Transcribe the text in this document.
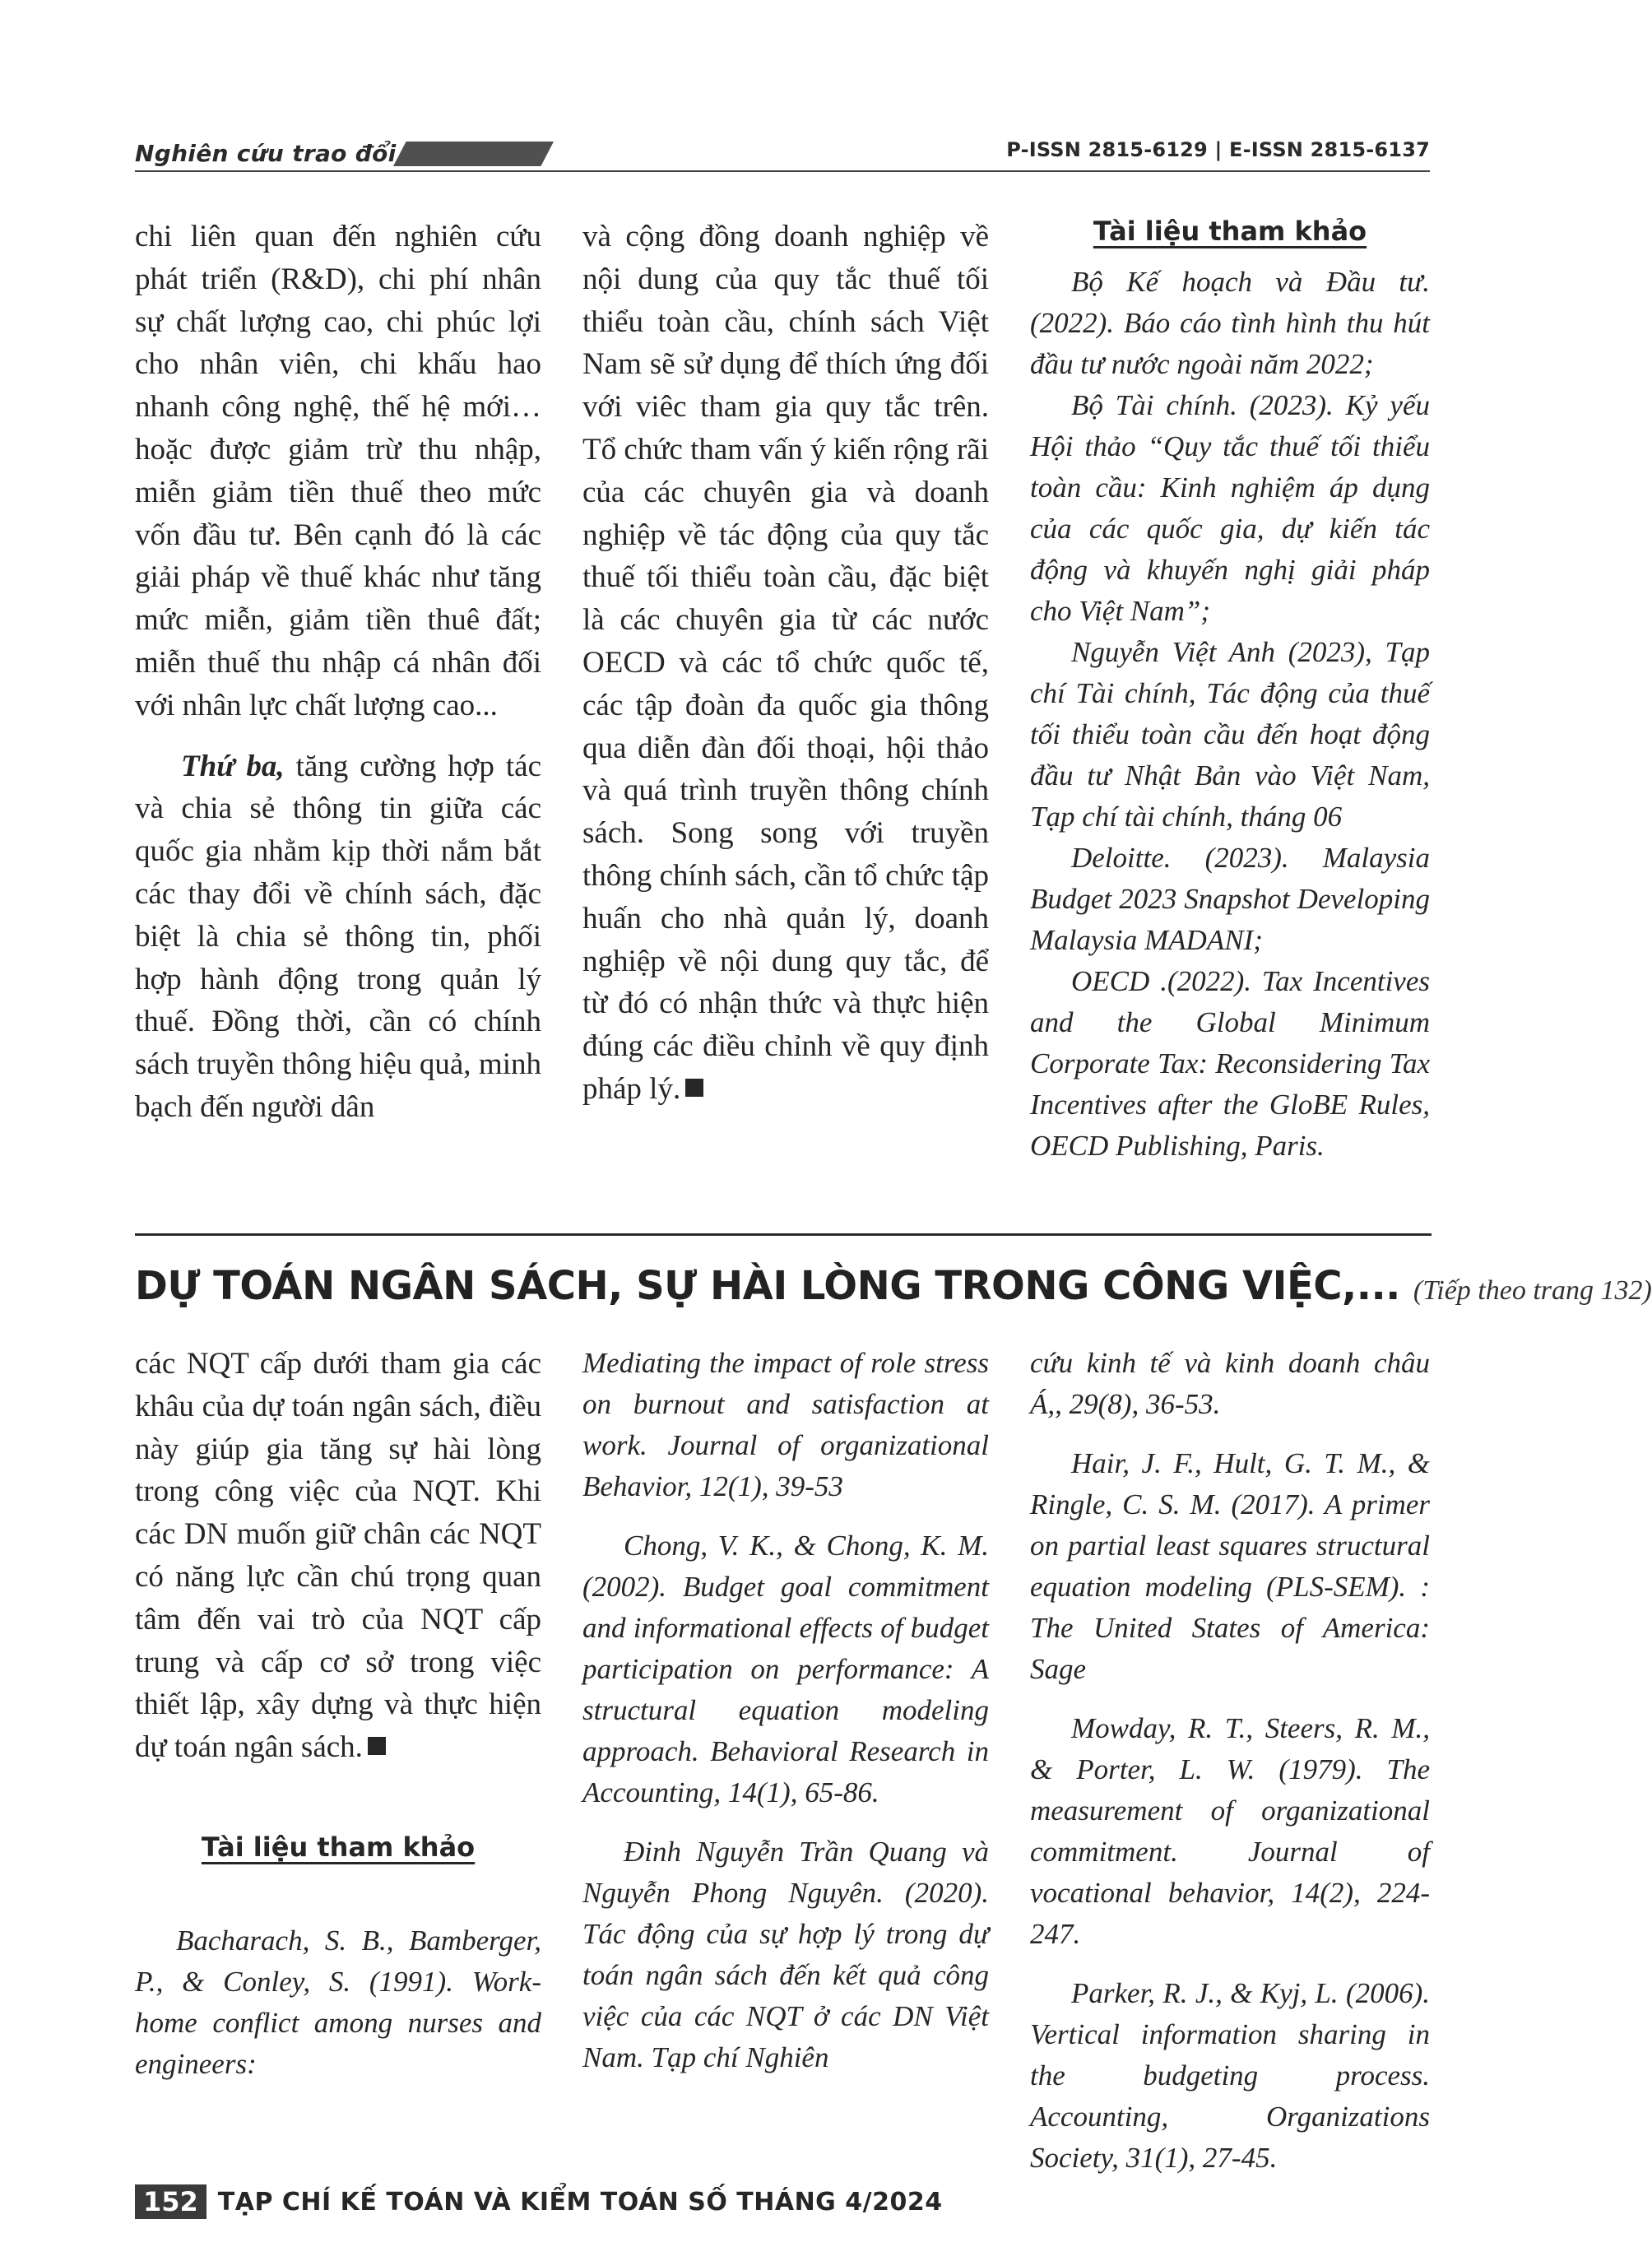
Nghiên cứu trao đổi	P-ISSN 2815-6129 | E-ISSN 2815-6137

chi liên quan đến nghiên cứu phát triển (R&D), chi phí nhân sự chất lượng cao, chi phúc lợi cho nhân viên, chi khấu hao nhanh công nghệ, thế hệ mới… hoặc được giảm trừ thu nhập, miễn giảm tiền thuế theo mức vốn đầu tư. Bên cạnh đó là các giải pháp về thuế khác như tăng mức miễn, giảm tiền thuê đất; miễn thuế thu nhập cá nhân đối với nhân lực chất lượng cao...

Thứ ba, tăng cường hợp tác và chia sẻ thông tin giữa các quốc gia nhằm kịp thời nắm bắt các thay đổi về chính sách, đặc biệt là chia sẻ thông tin, phối hợp hành động trong quản lý thuế. Đồng thời, cần có chính sách truyền thông hiệu quả, minh bạch đến người dân

và cộng đồng doanh nghiệp về nội dung của quy tắc thuế tối thiểu toàn cầu, chính sách Việt Nam sẽ sử dụng để thích ứng đối với viêc tham gia quy tắc trên. Tổ chức tham vấn ý kiến rộng rãi của các chuyên gia và doanh nghiệp về tác động của quy tắc thuế tối thiểu toàn cầu, đặc biệt là các chuyên gia từ các nước OECD và các tổ chức quốc tế, các tập đoàn đa quốc gia thông qua diễn đàn đối thoại, hội thảo và quá trình truyền thông chính sách. Song song với truyền thông chính sách, cần tổ chức tập huấn cho nhà quản lý, doanh nghiệp về nội dung quy tắc, để từ đó có nhận thức và thực hiện đúng các điều chỉnh về quy định pháp lý.

Tài liệu tham khảo

Bộ Kế hoạch và Đầu tư.(2022). Báo cáo tình hình thu hút đầu tư nước ngoài năm 2022;

Bộ Tài chính. (2023). Kỷ yếu Hội thảo “Quy tắc thuế tối thiểu toàn cầu: Kinh nghiệm áp dụng của các quốc gia, dự kiến tác động và khuyến nghị giải pháp cho Việt Nam”;

Nguyễn Việt Anh (2023), Tạp chí Tài chính, Tác động của thuế tối thiểu toàn cầu đến hoạt động đầu tư Nhật Bản vào Việt Nam, Tạp chí tài chính, tháng 06

Deloitte. (2023). Malaysia Budget 2023 Snapshot Developing Malaysia MADANI;

OECD .(2022). Tax Incentives and the Global Minimum Corporate Tax: Reconsidering Tax Incentives after the GloBE Rules, OECD Publishing, Paris.

DỰ TOÁN NGÂN SÁCH, SỰ HÀI LÒNG TRONG CÔNG VIỆC,... (Tiếp theo trang 132)

các NQT cấp dưới tham gia các khâu của dự toán ngân sách, điều này giúp gia tăng sự hài lòng trong công việc của NQT. Khi các DN muốn giữ chân các NQT có năng lực cần chú trọng quan tâm đến vai trò của NQT cấp trung và cấp cơ sở trong việc thiết lập, xây dựng và thực hiện dự toán ngân sách.

Tài liệu tham khảo

Bacharach, S. B., Bamberger, P., & Conley, S. (1991). Work-home conflict among nurses and engineers:

Mediating the impact of role stress on burnout and satisfaction at work. Journal of organizational Behavior, 12(1), 39-53

Chong, V. K., & Chong, K. M. (2002). Budget goal commitment and informational effects of budget participation on performance: A structural equation modeling approach. Behavioral Research in Accounting, 14(1), 65-86.

Đinh Nguyễn Trần Quang và Nguyễn Phong Nguyên. (2020). Tác động của sự hợp lý trong dự toán ngân sách đến kết quả công việc của các NQT ở các DN Việt Nam. Tạp chí Nghiên

cứu kinh tế và kinh doanh châu Á,, 29(8), 36-53.

Hair, J. F., Hult, G. T. M., & Ringle, C. S. M. (2017). A primer on partial least squares structural equation modeling (PLS-SEM). : The United States of America: Sage

Mowday, R. T., Steers, R. M., & Porter, L. W. (1979). The measurement of organizational commitment. Journal of vocational behavior, 14(2), 224-247.

Parker, R. J., & Kyj, L. (2006). Vertical information sharing in the budgeting process. Accounting, Organizations Society, 31(1), 27-45.

152 TẠP CHÍ KẾ TOÁN VÀ KIỂM TOÁN SỐ THÁNG 4/2024
